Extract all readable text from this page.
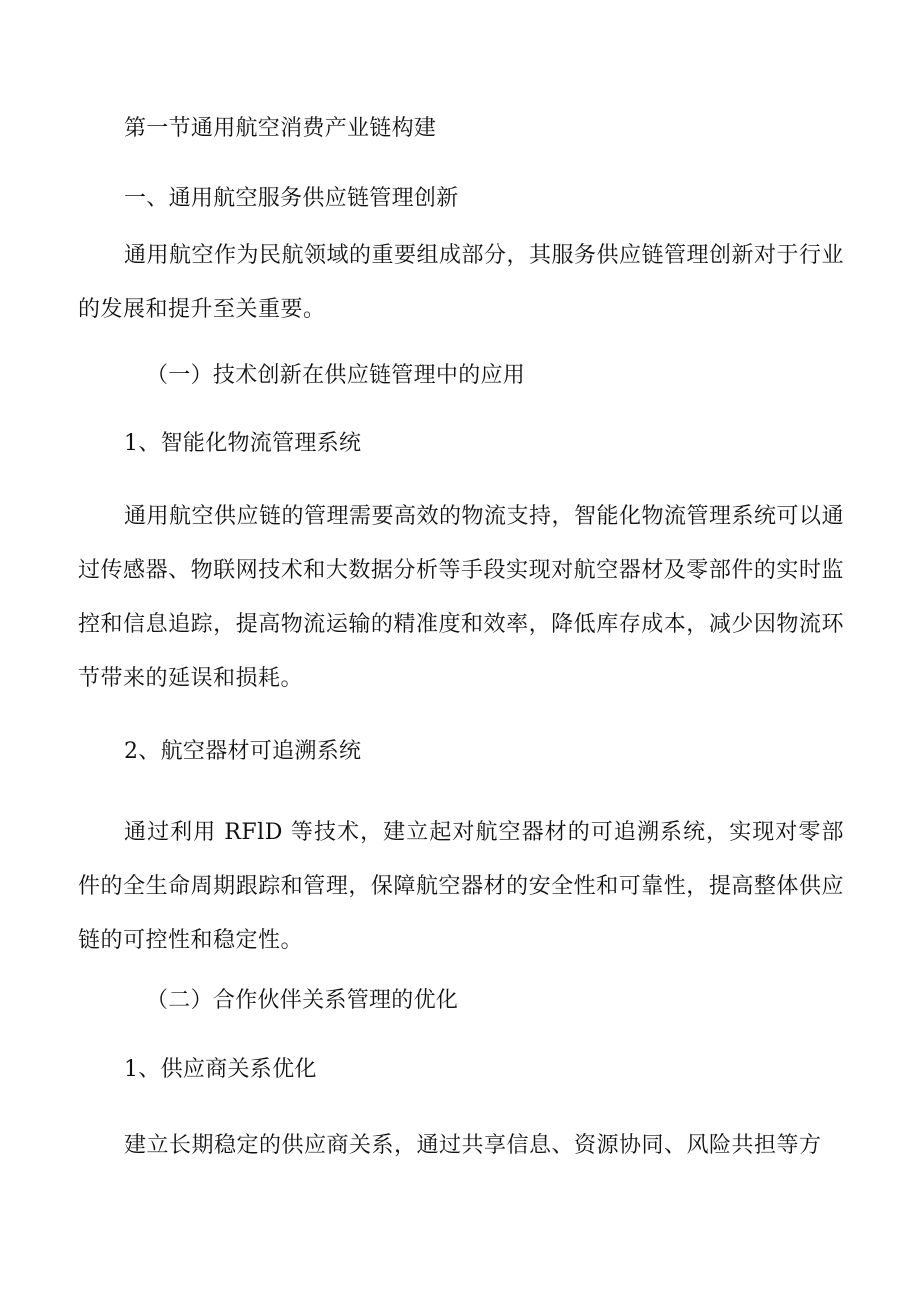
第一节通用航空消费产业链构建
一、通用航空服务供应链管理创新

通用航空作为民航领域的重要组成部分，其服务供应链管理创新对于行业的发展和提升至关重要。

（一）技术创新在供应链管理中的应用
1、智能化物流管理系统

通用航空供应链的管理需要高效的物流支持，智能化物流管理系统可以通过传感器、物联网技术和大数据分析等手段实现对航空器材及零部件的实时监控和信息追踪，提高物流运输的精准度和效率，降低库存成本，减少因物流环节带来的延误和损耗。

2、航空器材可追溯系统

通过利用 RFlD 等技术，建立起对航空器材的可追溯系统，实现对零部件的全生命周期跟踪和管理，保障航空器材的安全性和可靠性，提高整体供应链的可控性和稳定性。

（二）合作伙伴关系管理的优化
1、供应商关系优化

建立长期稳定的供应商关系，通过共享信息、资源协同、风险共担等方
